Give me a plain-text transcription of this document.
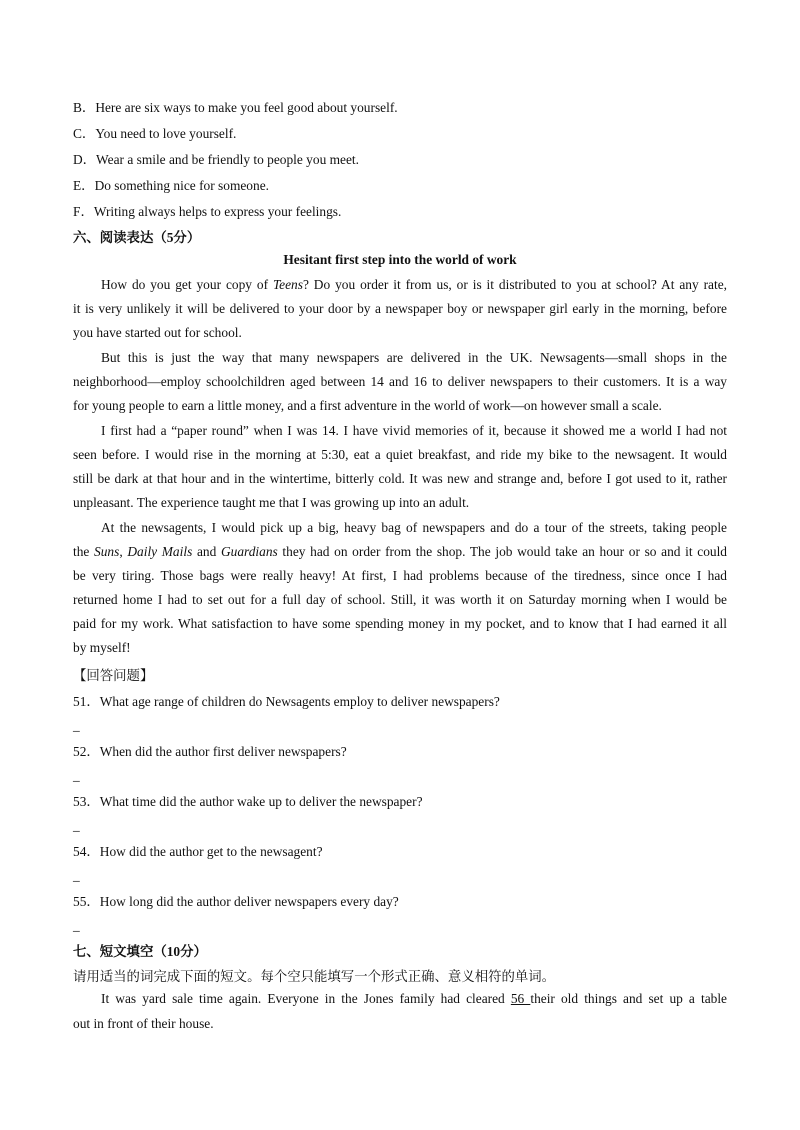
B．Here are six ways to make you feel good about yourself.
C．You need to love yourself.
D．Wear a smile and be friendly to people you meet.
E．Do something nice for someone.
F．Writing always helps to express your feelings.
六、阅读表达（5分）
Hesitant first step into the world of work
How do you get your copy of Teens? Do you order it from us, or is it distributed to you at school? At any rate,
it is very unlikely it will be delivered to your door by a newspaper boy or newspaper girl early in the morning, before
you have started out for school.
But this is just the way that many newspapers are delivered in the UK. Newsagents—small shops in the
neighborhood—employ schoolchildren aged between 14 and 16 to deliver newspapers to their customers. It is a way
for young people to earn a little money, and a first adventure in the world of work—on however small a scale.
I first had a “paper round” when I was 14. I have vivid memories of it, because it showed me a world I had not
seen before. I would rise in the morning at 5:30, eat a quiet breakfast, and ride my bike to the newsagent. It would
still be dark at that hour and in the wintertime, bitterly cold. It was new and strange and, before I got used to it, rather
unpleasant. The experience taught me that I was growing up into an adult.
At the newsagents, I would pick up a big, heavy bag of newspapers and do a tour of the streets, taking people
the Suns, Daily Mails and Guardians they had on order from the shop. The job would take an hour or so and it could
be very tiring. Those bags were really heavy! At first, I had problems because of the tiredness, since once I had
returned home I had to set out for a full day of school. Still, it was worth it on Saturday morning when I would be
paid for my work. What satisfaction to have some spending money in my pocket, and to know that I had earned it all
by myself!
【回答问题】
51．What age range of children do Newsagents employ to deliver newspapers?
_
52．When did the author first deliver newspapers?
_
53．What time did the author wake up to deliver the newspaper?
_
54．How did the author get to the newsagent?
_
55．How long did the author deliver newspapers every day?
_
七、短文填空（10分）
请用适当的词完成下面的短文。每个空只能填写一个形式正确、意义相符的单词。
It was yard sale time again. Everyone in the Jones family had cleared 56 their old things and set up a table
out in front of their house.
